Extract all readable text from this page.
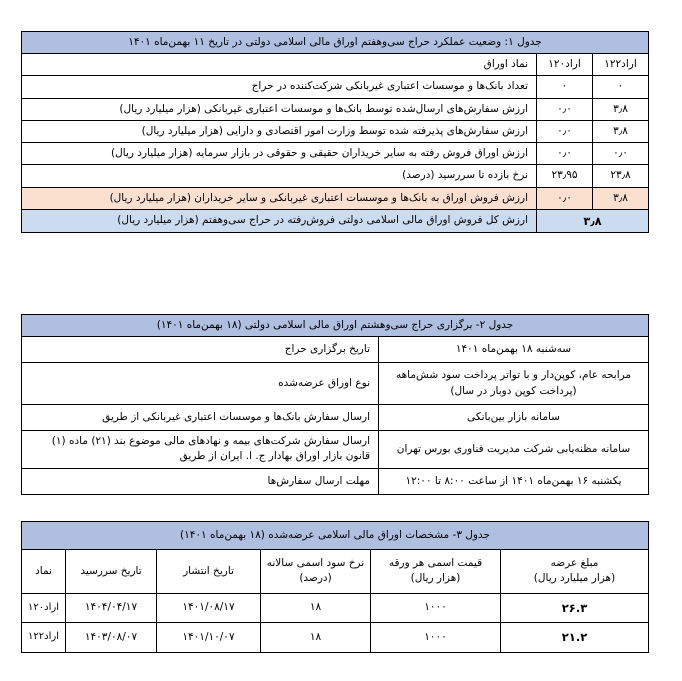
جدول ۱: وضعیت عملکرد حراج سی‌وهفتم اوراق مالی اسلامی دولتی در تاریخ ۱۱ بهمن‌ماه ۱۴۰۱		
اراد۱۲۲	اراد۱۲۰	نماد اوراق
۰	۰	تعداد بانک‌ها و موسسات اعتباری غیربانکی شرکت‌کننده در حراج
۳٫۸	۰٫۰	ارزش سفارش‌های ارسال‌شده توسط بانک‌ها و موسسات اعتباری غیربانکی (هزار میلیارد ریال)
۳٫۸	۰٫۰	ارزش سفارش‌های پذیرفته شده توسط وزارت امور اقتصادی و دارایی (هزار میلیارد ریال)
۰٫۰	۰٫۰	ارزش اوراق فروش رفته به سایر خریداران حقیقی و حقوقی در بازار سرمایه (هزار میلیارد ریال)
۲۳٫۸	۲۳٫۹۵	نرخ بازده تا سررسید (درصد)
۳٫۸	۰٫۰	ارزش فروش اوراق به بانک‌ها و موسسات اعتباری غیربانکی و سایر خریداران (هزار میلیارد ریال)
۳٫۸		ارزش کل فروش اوراق مالی اسلامی دولتی فروش‌رفته در حراج سی‌وهفتم (هزار میلیارد ریال)
جدول ۲- برگزاری حراج سی‌وهشتم اوراق مالی اسلامی دولتی (۱۸ بهمن‌ماه ۱۴۰۱)	
سه‌شنبه ۱۸ بهمن‌ماه ۱۴۰۱	تاریخ برگزاری حراج

مرابحه عام، کوپن‌دار و با تواتر پرداخت سود شش‌ماهه
(پرداخت کوپن دوبار در سال)	نوع اوراق عرضه‌شده
سامانه بازار بین‌بانکی	ارسال سفارش بانک‌ها و موسسات اعتباری غیربانکی از طریق
سامانه مظنه‌یابی شرکت مدیریت فناوری بورس تهران	ارسال سفارش شرکت‌های بیمه و نهادهای مالی موضوع بند (۲۱) ماده (۱) قانون بازار اوراق بهادار ج. ا. ایران از طریق
یکشنبه ۱۶ بهمن‌ماه ۱۴۰۱ از ساعت ۸:۰۰ تا ۱۲:۰۰	مهلت ارسال سفارش‌ها
جدول ۳- مشخصات اوراق مالی اسلامی عرضه‌شده (۱۸ بهمن‌ماه ۱۴۰۱)					

مبلغ عرضه
(هزار میلیارد ریال)	قیمت اسمی هر ورقه
(هزار ریال)	نرخ سود اسمی سالانه
(درصد)	تاریخ انتشار	تاریخ سررسید	نماد
۲۶.۳	۱۰۰۰	۱۸	۱۴۰۱/۰۸/۱۷	۱۴۰۴/۰۴/۱۷	اراد۱۲۰
۲۱.۲	۱۰۰۰	۱۸	۱۴۰۱/۱۰/۰۷	۱۴۰۳/۰۸/۰۷	اراد۱۲۲
